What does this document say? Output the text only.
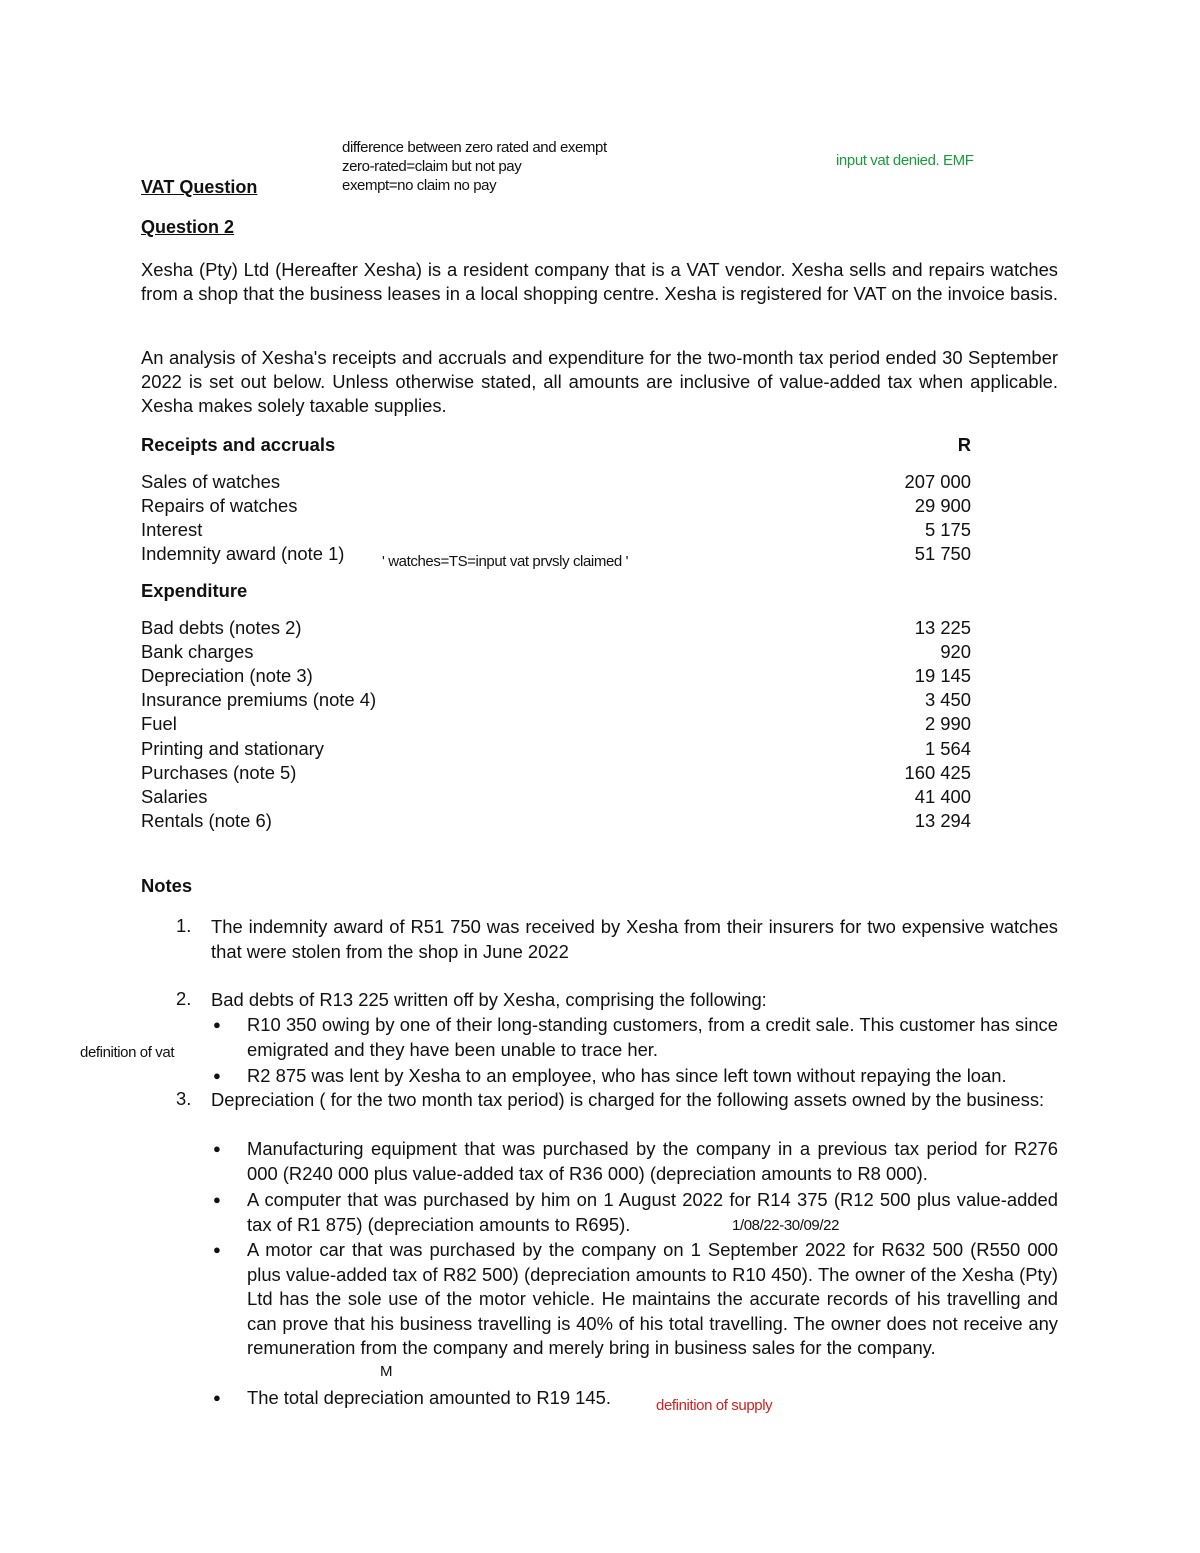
difference between zero rated and exempt
zero-rated=claim but not pay
exempt=no claim no pay
input vat denied. EMF
VAT Question
Question 2

Xesha (Pty) Ltd (Hereafter Xesha) is a resident company that is a VAT vendor. Xesha sells and repairs watches from a shop that the business leases in a local shopping centre. Xesha is registered for VAT on the invoice basis.

An analysis of Xesha's receipts and accruals and expenditure for the two-month tax period ended 30 September 2022 is set out below. Unless otherwise stated, all amounts are inclusive of value-added tax when applicable. Xesha makes solely taxable supplies.

Receipts and accruals	R
Sales of watches	207 000
Repairs of watches	29 900
Interest	5 175
Indemnity award (note 1)	51 750
' watches=TS=input vat prvsly claimed '
Expenditure
Bad debts (notes 2)	13 225
Bank charges	920
Depreciation (note 3)	19 145
Insurance premiums (note 4)	3 450
Fuel	2 990
Printing and stationary	1 564
Purchases (note 5)	160 425
Salaries	41 400
Rentals (note 6)	13 294
Notes
1. The indemnity award of R51 750 was received by Xesha from their insurers for two expensive watches that were stolen from the shop in June 2022

2. Bad debts of R13 225 written off by Xesha, comprising the following:

● R10 350 owing by one of their long-standing customers, from a credit sale. This customer has since emigrated and they have been unable to trace her.

definition of vat
● R2 875 was lent by Xesha to an employee, who has since left town without repaying the loan.

3. Depreciation ( for the two month tax period) is charged for the following assets owned by the business:

● Manufacturing equipment that was purchased by the company in a previous tax period for R276 000 (R240 000 plus value-added tax of R36 000) (depreciation amounts to R8 000).

● A computer that was purchased by him on 1 August 2022 for R14 375 (R12 500 plus value-added tax of R1 875) (depreciation amounts to R695).	1/08/22-30/09/22
● A motor car that was purchased by the company on 1 September 2022 for R632 500 (R550 000 plus value-added tax of R82 500) (depreciation amounts to R10 450). The owner of the Xesha (Pty) Ltd has the sole use of the motor vehicle. He maintains the accurate records of his travelling and can prove that his business travelling is 40% of his total travelling. The owner does not receive any remuneration from the company and merely bring in business sales for the company.

M
● The total depreciation amounted to R19 145.	definition of supply
